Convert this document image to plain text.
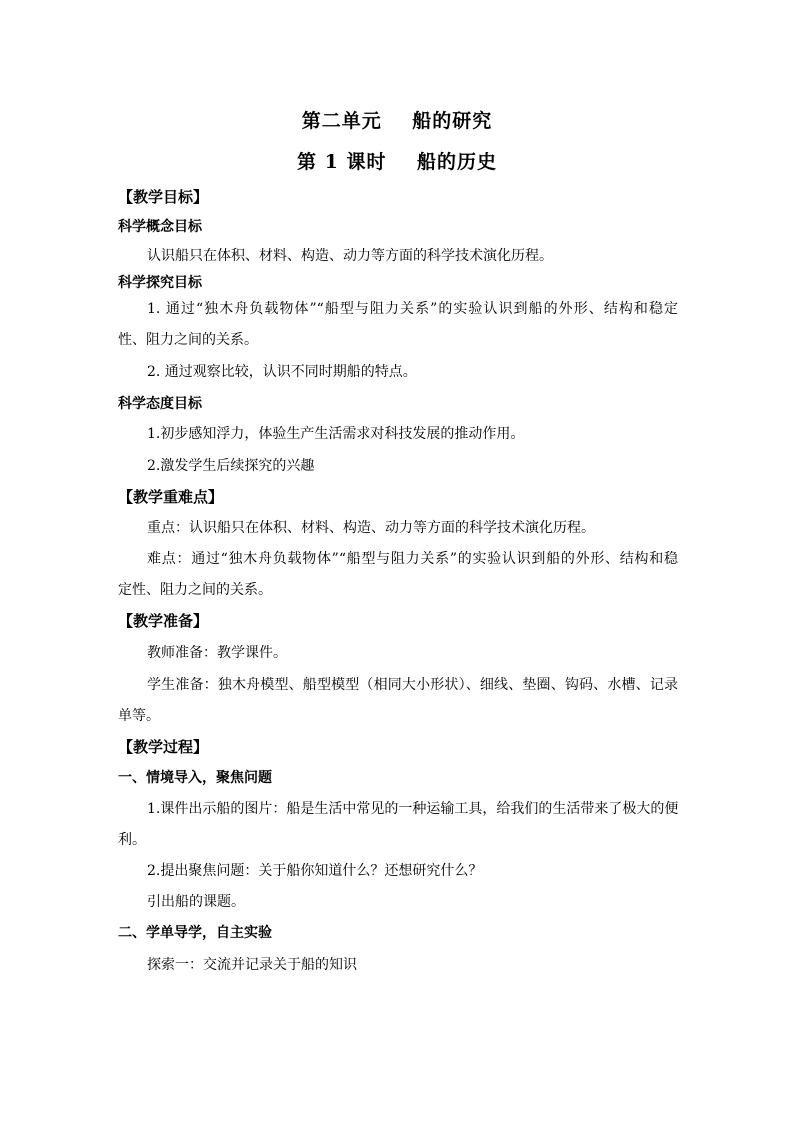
第二单元    船的研究
第 1 课时    船的历史
【教学目标】
科学概念目标
认识船只在体积、材料、构造、动力等方面的科学技术演化历程。
科学探究目标
1. 通过“独木舟负载物体”“船型与阻力关系”的实验认识到船的外形、结构和稳定
性、阻力之间的关系。
2. 通过观察比较，认识不同时期船的特点。
科学态度目标
1.初步感知浮力，体验生产生活需求对科技发展的推动作用。
2.激发学生后续探究的兴趣
【教学重难点】
重点：认识船只在体积、材料、构造、动力等方面的科学技术演化历程。
难点：通过“独木舟负载物体”“船型与阻力关系”的实验认识到船的外形、结构和稳
定性、阻力之间的关系。
【教学准备】
教师准备：教学课件。
学生准备：独木舟模型、船型模型（相同大小形状）、细线、垫圈、钩码、水槽、记录
单等。
【教学过程】
一、情境导入，聚焦问题
1.课件出示船的图片：船是生活中常见的一种运输工具，给我们的生活带来了极大的便
利。
2.提出聚焦问题：关于船你知道什么？还想研究什么？
引出船的课题。
二、学单导学，自主实验
探索一：交流并记录关于船的知识
